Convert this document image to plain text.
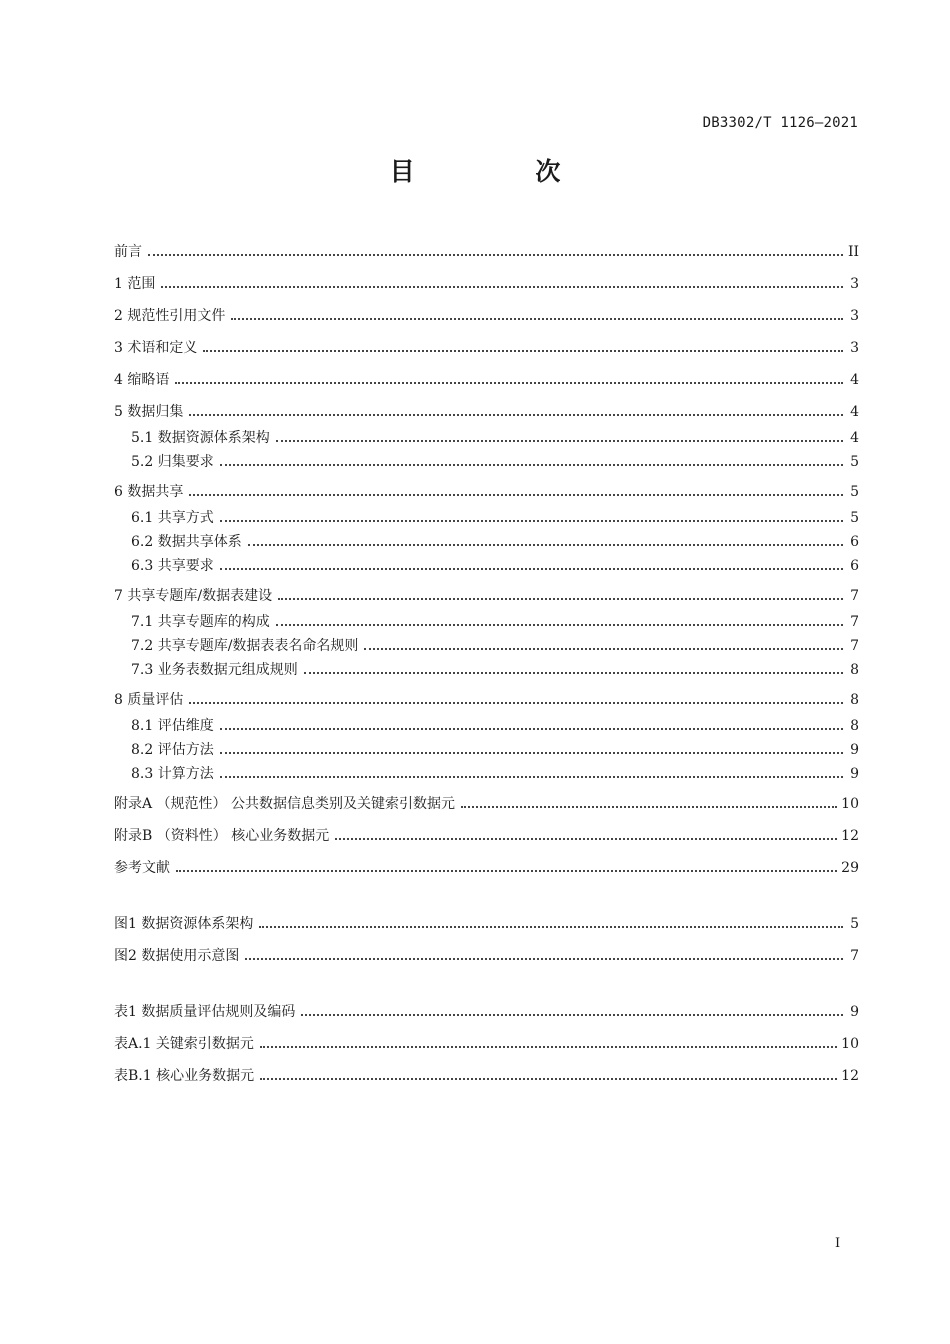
DB3302/T 1126—2021
目 次
前言	II
1 范围	3
2 规范性引用文件	3
3 术语和定义	3
4 缩略语	4
5 数据归集	4
5.1 数据资源体系架构	4
5.2 归集要求	5
6 数据共享	5
6.1 共享方式	5
6.2 数据共享体系	6
6.3 共享要求	6
7 共享专题库/数据表建设	7
7.1 共享专题库的构成	7
7.2 共享专题库/数据表表名命名规则	7
7.3 业务表数据元组成规则	8
8 质量评估	8
8.1 评估维度	8
8.2 评估方法	9
8.3 计算方法	9
附录A （规范性） 公共数据信息类别及关键索引数据元	10
附录B （资料性） 核心业务数据元	12
参考文献	29
图1 数据资源体系架构	5
图2 数据使用示意图	7
表1 数据质量评估规则及编码	9
表A.1 关键索引数据元	10
表B.1 核心业务数据元	12
I
